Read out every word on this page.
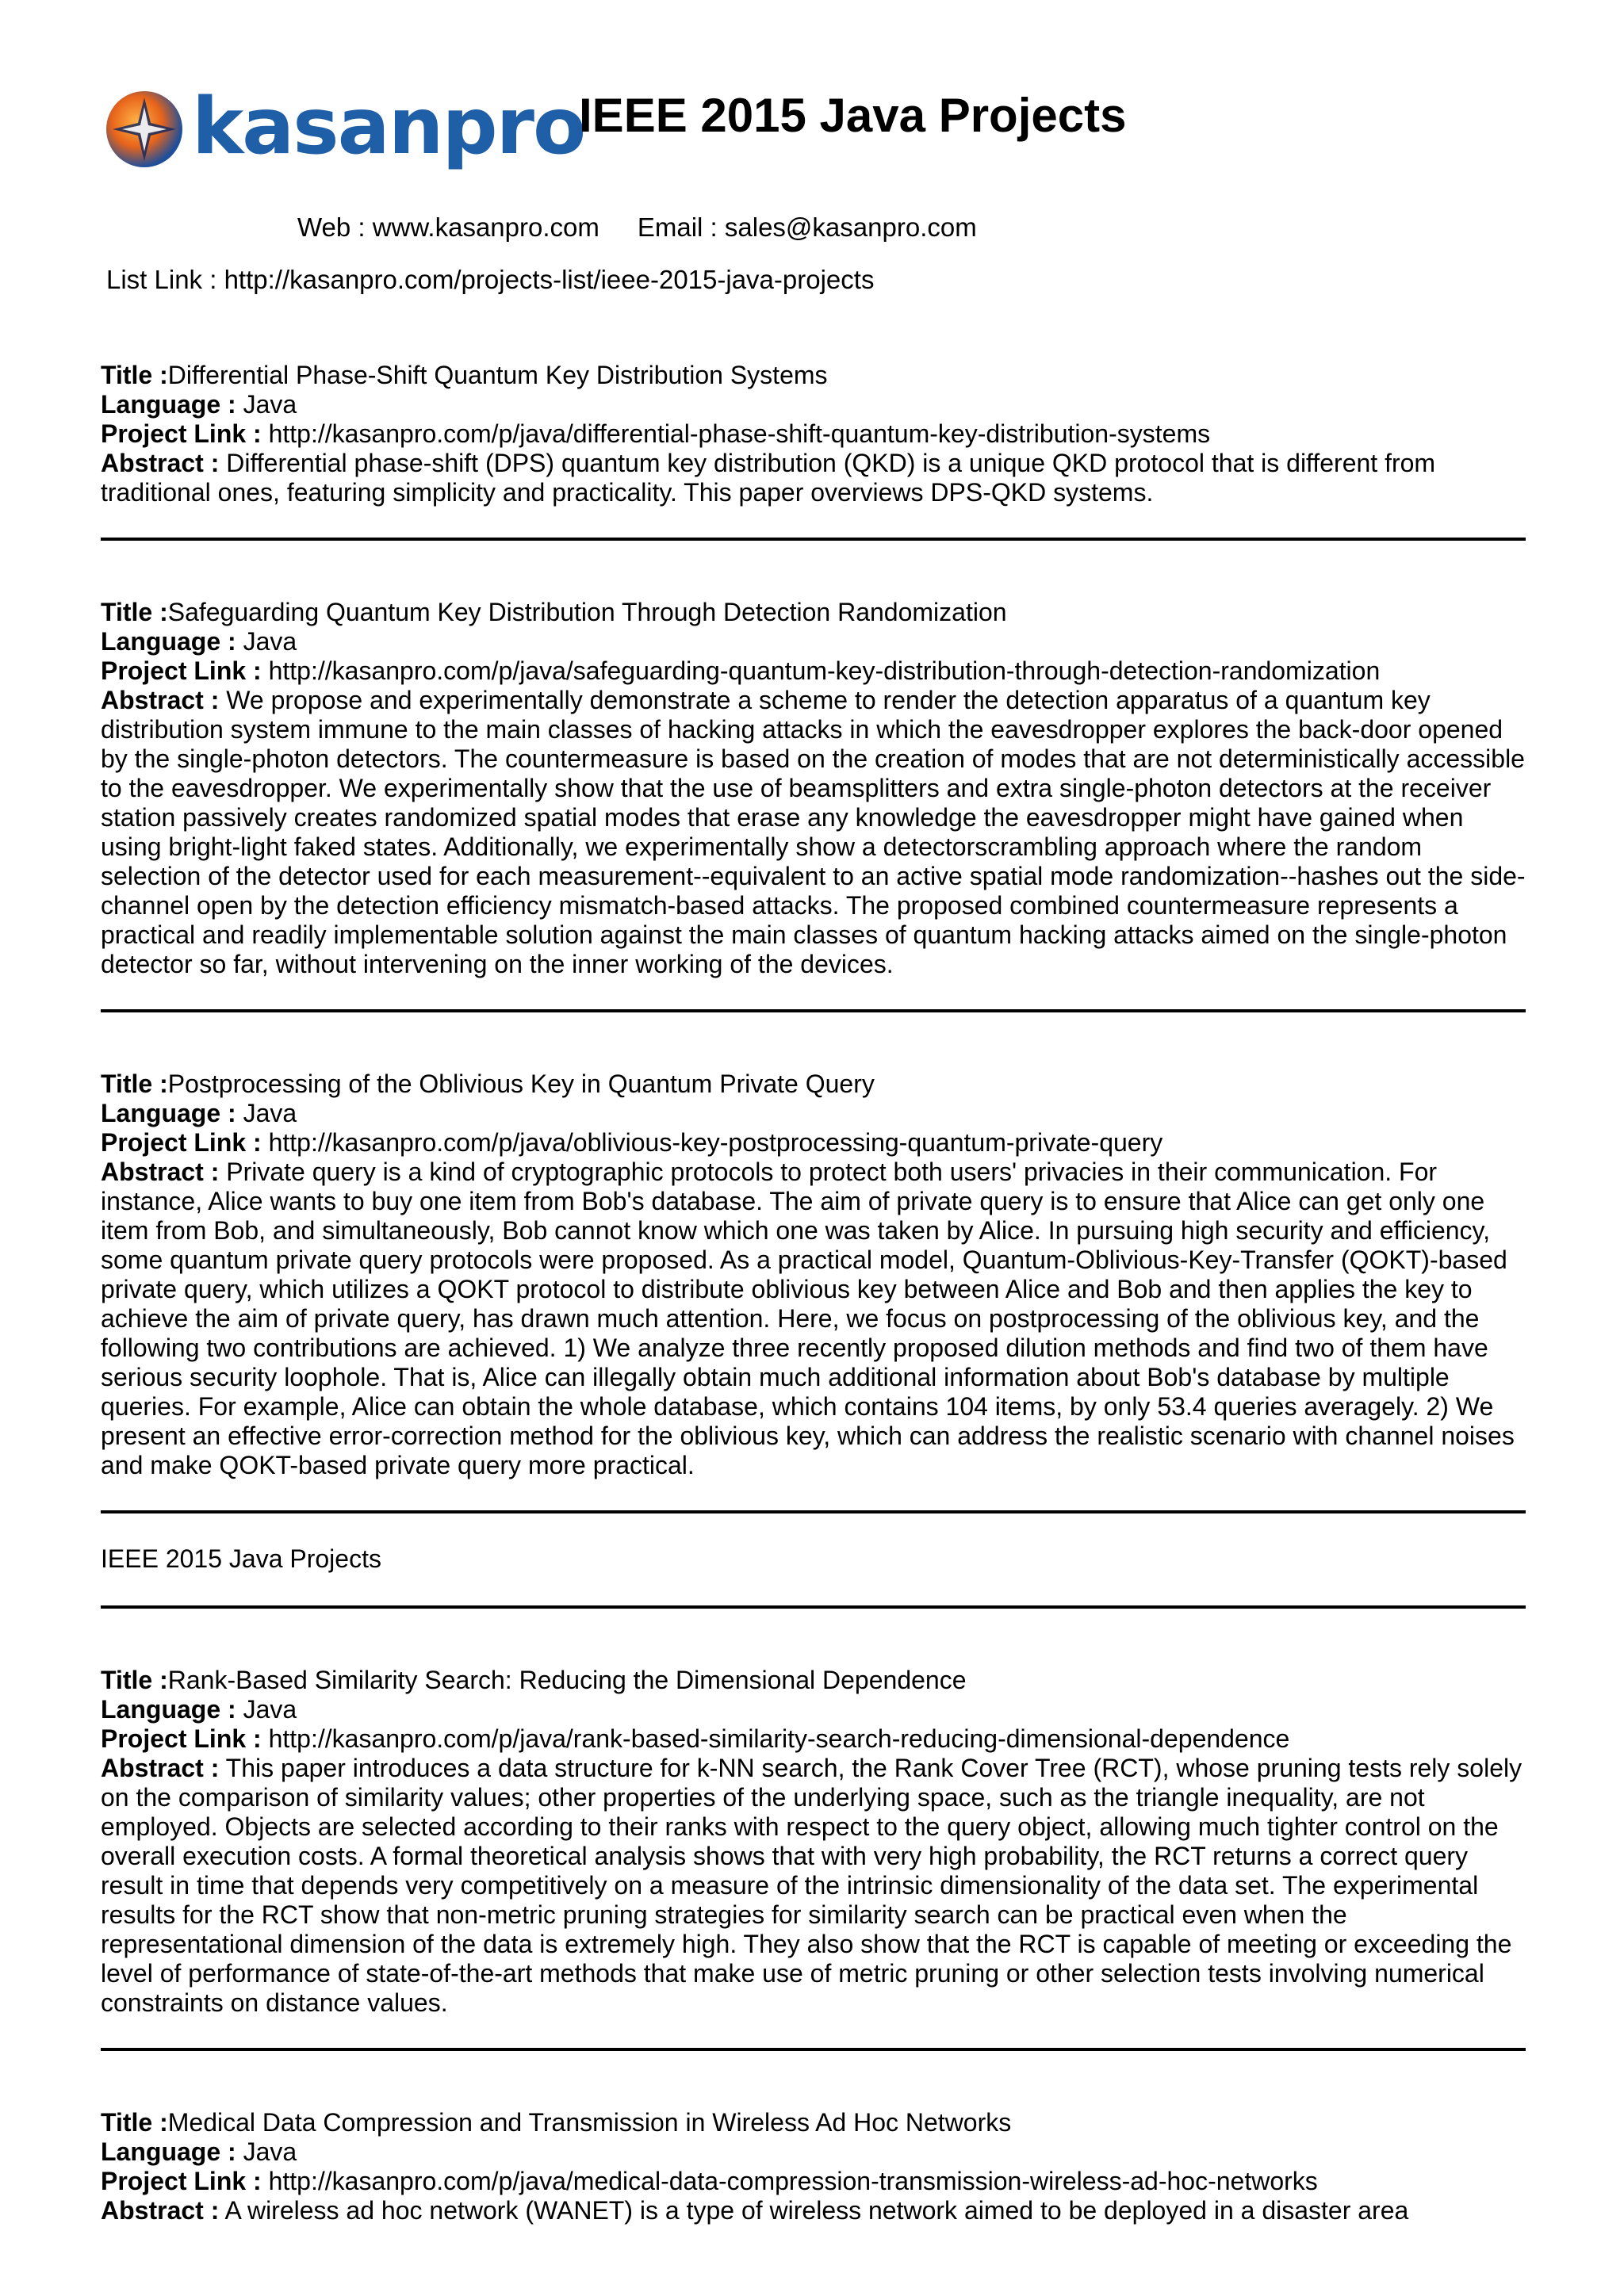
kasanpro
IEEE 2015 Java Projects
Web : www.kasanpro.com Email : sales@kasanpro.com
List Link : http://kasanpro.com/projects-list/ieee-2015-java-projects
Title :Differential Phase-Shift Quantum Key Distribution Systems
Language : Java
Project Link : http://kasanpro.com/p/java/differential-phase-shift-quantum-key-distribution-systems
Abstract : Differential phase-shift (DPS) quantum key distribution (QKD) is a unique QKD protocol that is different from traditional ones, featuring simplicity and practicality. This paper overviews DPS-QKD systems.
Title :Safeguarding Quantum Key Distribution Through Detection Randomization
Language : Java
Project Link : http://kasanpro.com/p/java/safeguarding-quantum-key-distribution-through-detection-randomization
Abstract : We propose and experimentally demonstrate a scheme to render the detection apparatus of a quantum key distribution system immune to the main classes of hacking attacks in which the eavesdropper explores the back-door opened by the single-photon detectors. The countermeasure is based on the creation of modes that are not deterministically accessible to the eavesdropper. We experimentally show that the use of beamsplitters and extra single-photon detectors at the receiver station passively creates randomized spatial modes that erase any knowledge the eavesdropper might have gained when using bright-light faked states. Additionally, we experimentally show a detectorscrambling approach where the random selection of the detector used for each measurement--equivalent to an active spatial mode randomization--hashes out the side-channel open by the detection efficiency mismatch-based attacks. The proposed combined countermeasure represents a practical and readily implementable solution against the main classes of quantum hacking attacks aimed on the single-photon detector so far, without intervening on the inner working of the devices.
Title :Postprocessing of the Oblivious Key in Quantum Private Query
Language : Java
Project Link : http://kasanpro.com/p/java/oblivious-key-postprocessing-quantum-private-query
Abstract : Private query is a kind of cryptographic protocols to protect both users' privacies in their communication. For instance, Alice wants to buy one item from Bob's database. The aim of private query is to ensure that Alice can get only one item from Bob, and simultaneously, Bob cannot know which one was taken by Alice. In pursuing high security and efficiency, some quantum private query protocols were proposed. As a practical model, Quantum-Oblivious-Key-Transfer (QOKT)-based private query, which utilizes a QOKT protocol to distribute oblivious key between Alice and Bob and then applies the key to achieve the aim of private query, has drawn much attention. Here, we focus on postprocessing of the oblivious key, and the following two contributions are achieved. 1) We analyze three recently proposed dilution methods and find two of them have serious security loophole. That is, Alice can illegally obtain much additional information about Bob's database by multiple queries. For example, Alice can obtain the whole database, which contains 104 items, by only 53.4 queries averagely. 2) We present an effective error-correction method for the oblivious key, which can address the realistic scenario with channel noises and make QOKT-based private query more practical.
IEEE 2015 Java Projects
Title :Rank-Based Similarity Search: Reducing the Dimensional Dependence
Language : Java
Project Link : http://kasanpro.com/p/java/rank-based-similarity-search-reducing-dimensional-dependence
Abstract : This paper introduces a data structure for k-NN search, the Rank Cover Tree (RCT), whose pruning tests rely solely on the comparison of similarity values; other properties of the underlying space, such as the triangle inequality, are not employed. Objects are selected according to their ranks with respect to the query object, allowing much tighter control on the overall execution costs. A formal theoretical analysis shows that with very high probability, the RCT returns a correct query result in time that depends very competitively on a measure of the intrinsic dimensionality of the data set. The experimental results for the RCT show that non-metric pruning strategies for similarity search can be practical even when the representational dimension of the data is extremely high. They also show that the RCT is capable of meeting or exceeding the level of performance of state-of-the-art methods that make use of metric pruning or other selection tests involving numerical constraints on distance values.
Title :Medical Data Compression and Transmission in Wireless Ad Hoc Networks
Language : Java
Project Link : http://kasanpro.com/p/java/medical-data-compression-transmission-wireless-ad-hoc-networks
Abstract : A wireless ad hoc network (WANET) is a type of wireless network aimed to be deployed in a disaster area
